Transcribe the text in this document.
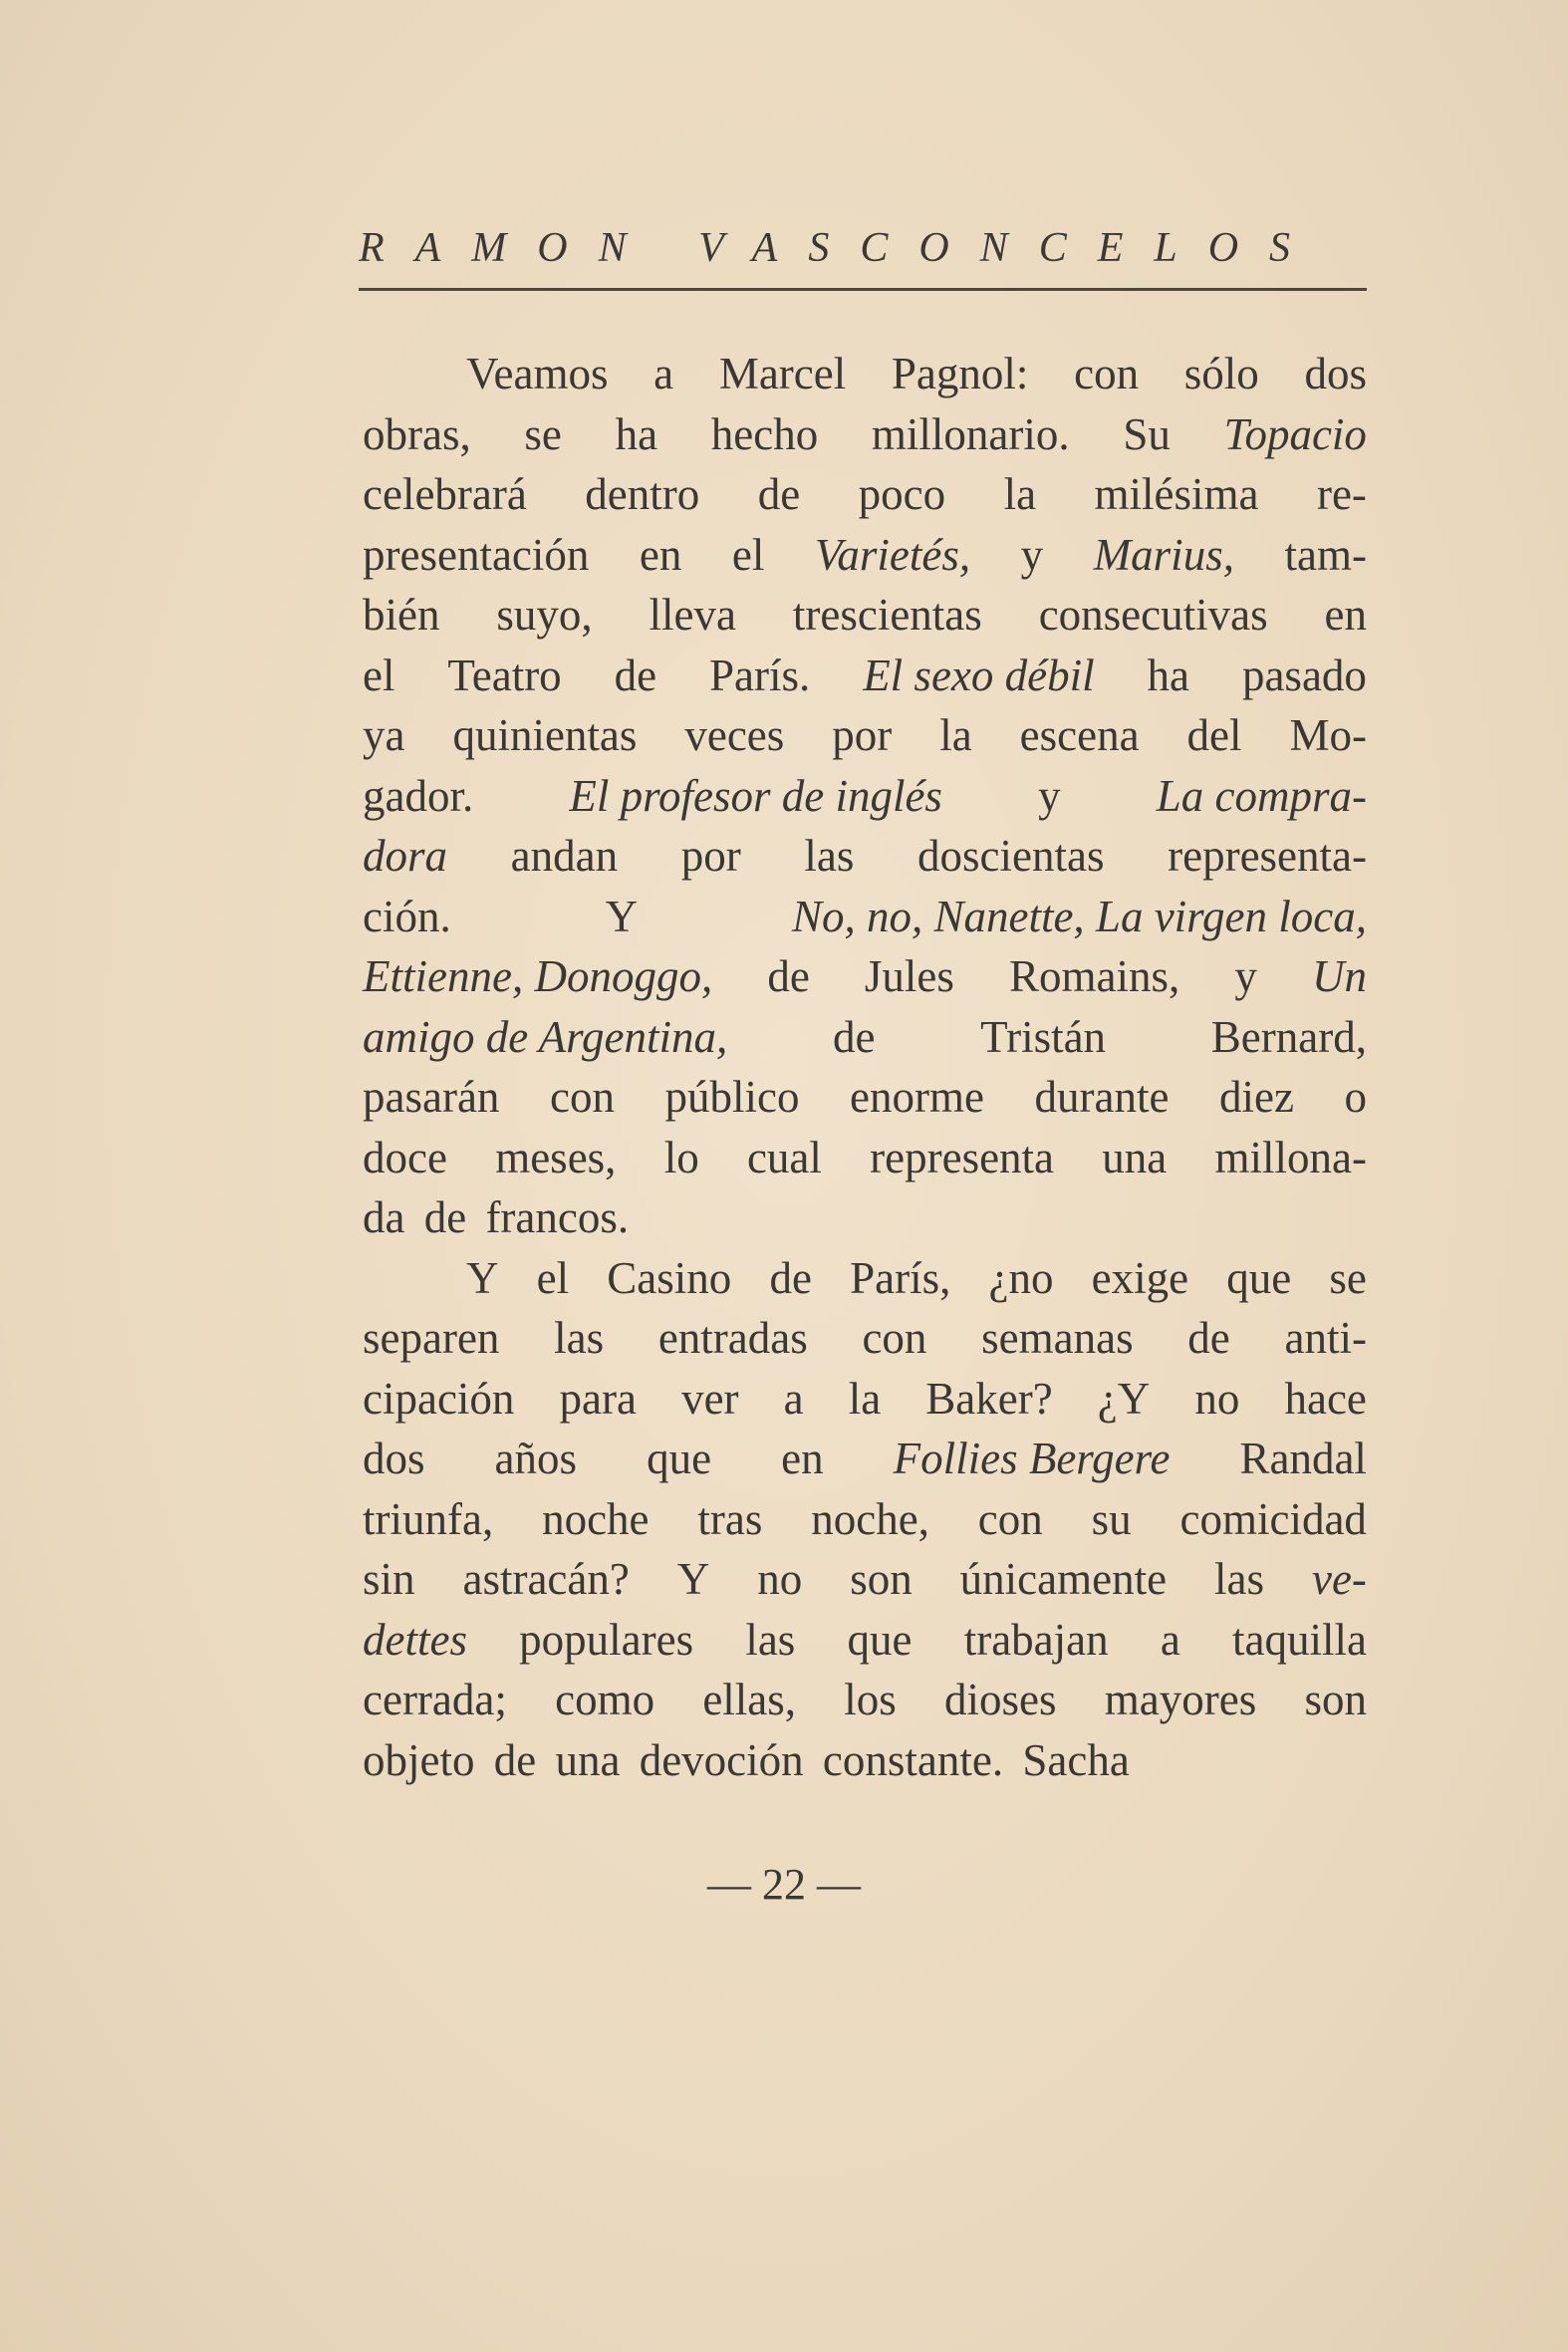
RAMON VASCONCELOS
Veamos a Marcel Pagnol: con sólo dos
obras, se ha hecho millonario. Su Topacio
celebrará dentro de poco la milésima re-
presentación en el Varietés, y Marius, tam-
bién suyo, lleva trescientas consecutivas en
el Teatro de París. El sexo débil ha pasado
ya quinientas veces por la escena del Mo-
gador. El profesor de inglés y La compra-
dora andan por las doscientas representa-
ción.	Y	No, no, Nanette, La virgen loca,
Ettienne, Donoggo, de Jules Romains, y Un
amigo de Argentina, de Tristán Bernard,
pasarán con público enorme durante diez o
doce meses, lo cual representa una millona-
da de francos.
Y el Casino de París, ¿no exige que se
separen las entradas con semanas de anti-
cipación para ver a la Baker? ¿Y no hace
dos años que en Follies Bergere Randal
triunfa, noche tras noche, con su comicidad
sin astracán? Y no son únicamente las ve-
dettes populares las que trabajan a taquilla
cerrada; como ellas, los dioses mayores son
objeto
de
una
devoción
constante.
Sacha
— 22 —
